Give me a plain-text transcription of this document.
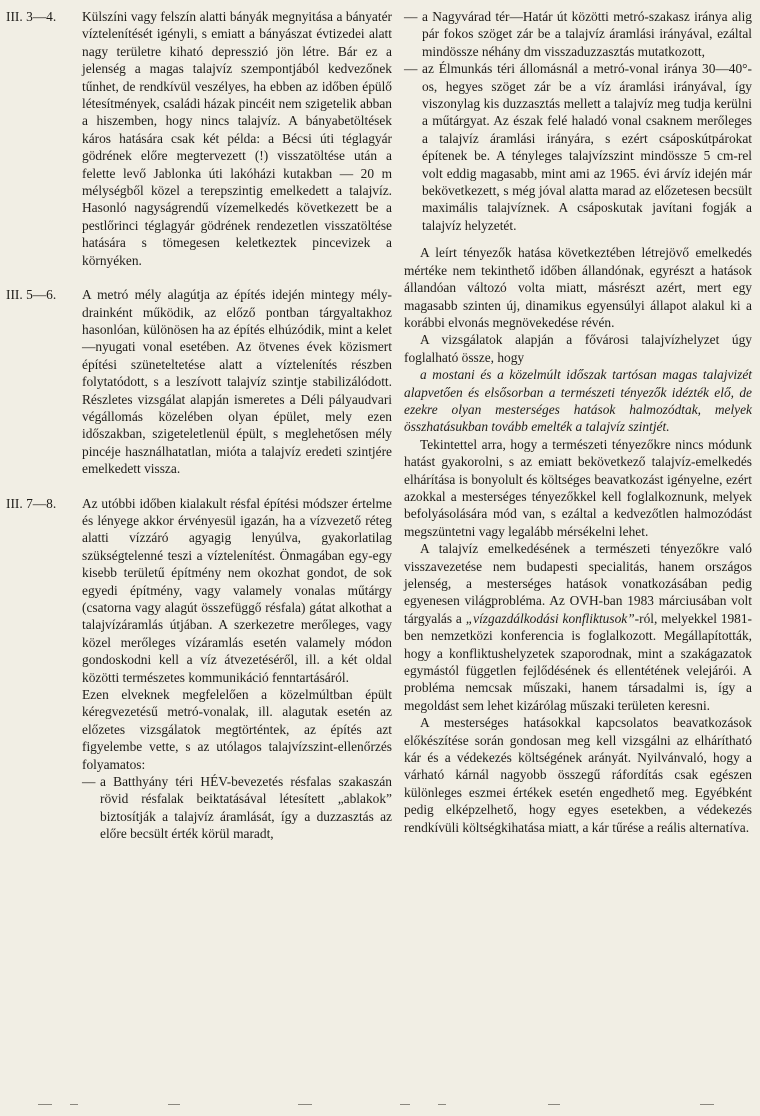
III. 3—4.	Külszíni vagy felszín alatti bányák megnyitása a bányatér víztelenítését igényli, s emiatt a bányászat évtizedei alatt nagy területre kiható depresszió jön létre. Bár ez a jelenség a magas talajvíz szempontjából kedvezőnek tűnhet, de rendkívül veszélyes, ha ebben az időben épülő létesítmények, családi házak pincéit nem szigetelik abban a hiszemben, hogy nincs talajvíz. A bányabetöltések káros hatására csak két példa: a Bécsi úti téglagyár gödrének előre megtervezett (!) visszatöltése után a felette levő Jablonka úti lakóházi kutakban — 20 m mélységből közel a terepszintig emelkedett a talajvíz. Hasonló nagyságrendű vízemelkedés következett be a pestlőrinci téglagyár gödrének rendezetlen visszatöltése hatására s tömegesen keletkeztek pincevizek a környéken.

III. 5—6.	A metró mély alagútja az építés idején mintegy mély-drainként működik, az előző pontban tárgyaltakhoz hasonlóan, különösen ha az építés elhúzódik, mint a kelet—nyugati vonal esetében. Az ötvenes évek közismert építési szüneteltetése alatt a víztelenítés részben folytatódott, s a leszívott talajvíz szintje stabilizálódott. Részletes vizsgálat alapján ismeretes a Déli pályaudvari végállomás közelében olyan épület, mely ezen időszakban, szigeteletlenül épült, s meglehetősen mély pincéje használhatatlan, mióta a talajvíz eredeti szintjére emelkedett vissza.

III. 7—8.	Az utóbbi időben kialakult résfal építési módszer értelme és lényege akkor érvényesül igazán, ha a vízvezető réteg alatti vízzáró agyagig lenyúlva, gyakorlatilag szükségtelenné teszi a víztelenítést. Önmagában egy-egy kisebb területű építmény nem okozhat gondot, de sok egyedi építmény, vagy valamely vonalas műtárgy (csatorna vagy alagút összefüggő résfala) gátat alkothat a talajvízáramlás útjában. A szerkezetre merőleges, vagy közel merőleges vízáramlás esetén valamely módon gondoskodni kell a víz átvezetéséről, ill. a két oldal közötti természetes kommunikáció fenntartásáról.

Ezen elveknek megfelelően a közelmúltban épült kéregvezetésű metró-vonalak, ill. alagutak esetén az előzetes vizsgálatok megtörténtek, az építés azt figyelembe vette, s az utólagos talajvízszint-ellenőrzés folyamatos:

— a Batthyány téri HÉV-bevezetés résfalas szakaszán rövid résfalak beiktatásával létesített „ablakok” biztosítják a talajvíz áramlását, így a duzzasztás az előre becsült érték körül maradt,

— a Nagyvárad tér—Határ út közötti metró-szakasz iránya alig pár fokos szöget zár be a talajvíz áramlási irányával, ezáltal mindössze néhány dm visszaduzzasztás mutatkozott,

— az Élmunkás téri állomásnál a metró-vonal iránya 30—40°-os, hegyes szöget zár be a víz áramlási irányával, így viszonylag kis duzzasztás mellett a talajvíz meg tudja kerülni a műtárgyat. Az észak felé haladó vonal csaknem merőleges a talajvíz áramlási irányára, s ezért csáposkútpárokat építenek be. A tényleges talajvízszint mindössze 5 cm-rel volt eddig magasabb, mint ami az 1965. évi árvíz idején már bekövetkezett, s még jóval alatta marad az előzetesen becsült maximális talajvíznek. A csáposkutak javítani fogják a talajvíz helyzetét.

A leírt tényezők hatása következtében létrejövő emelkedés mértéke nem tekinthető időben állandónak, egyrészt a hatások állandóan változó volta miatt, másrészt azért, mert egy magasabb szinten új, dinamikus egyensúlyi állapot alakul ki a korábbi elvonás megnövekedése révén.

A vizsgálatok alapján a fővárosi talajvízhelyzet úgy foglalható össze, hogy

a mostani és a közelmúlt időszak tartósan magas talajvizét alapvetően és elsősorban a természeti tényezők idézték elő, de ezekre olyan mesterséges hatások halmozódtak, melyek összhatásukban tovább emelték a talajvíz szintjét.

Tekintettel arra, hogy a természeti tényezőkre nincs módunk hatást gyakorolni, s az emiatt bekövetkező talajvíz-emelkedés elhárítása is bonyolult és költséges beavatkozást igényelne, ezért azokkal a mesterséges tényezőkkel kell foglalkoznunk, melyek befolyásolására mód van, s ezáltal a kedvezőtlen halmozódást megszüntetni vagy legalább mérsékelni lehet.

A talajvíz emelkedésének a természeti tényezőkre való visszavezetése nem budapesti specialitás, hanem országos jelenség, a mesterséges hatások vonatkozásában pedig egyenesen világprobléma. Az OVH-ban 1983 márciusában volt tárgyalás a „vízgazdálkodási konfliktusok”-ról, melyekkel 1981-ben nemzetközi konferencia is foglalkozott. Megállapították, hogy a konfliktushelyzetek szaporodnak, mint a szakágazatok egymástól független fejlődésének és ellentétének velejárói. A probléma nemcsak műszaki, hanem társadalmi is, így a megoldást sem lehet kizárólag műszaki területen keresni.

A mesterséges hatásokkal kapcsolatos beavatkozások előkészítése során gondosan meg kell vizsgálni az elhárítható kár és a védekezés költségének arányát. Nyilvánvaló, hogy a várható kárnál nagyobb összegű ráfordítás csak egészen különleges eszmei értékek esetén engedhető meg. Egyébként pedig elképzelhető, hogy egyes esetekben, a védekezés rendkívüli költségkihatása miatt, a kár tűrése a reális alternatíva.
